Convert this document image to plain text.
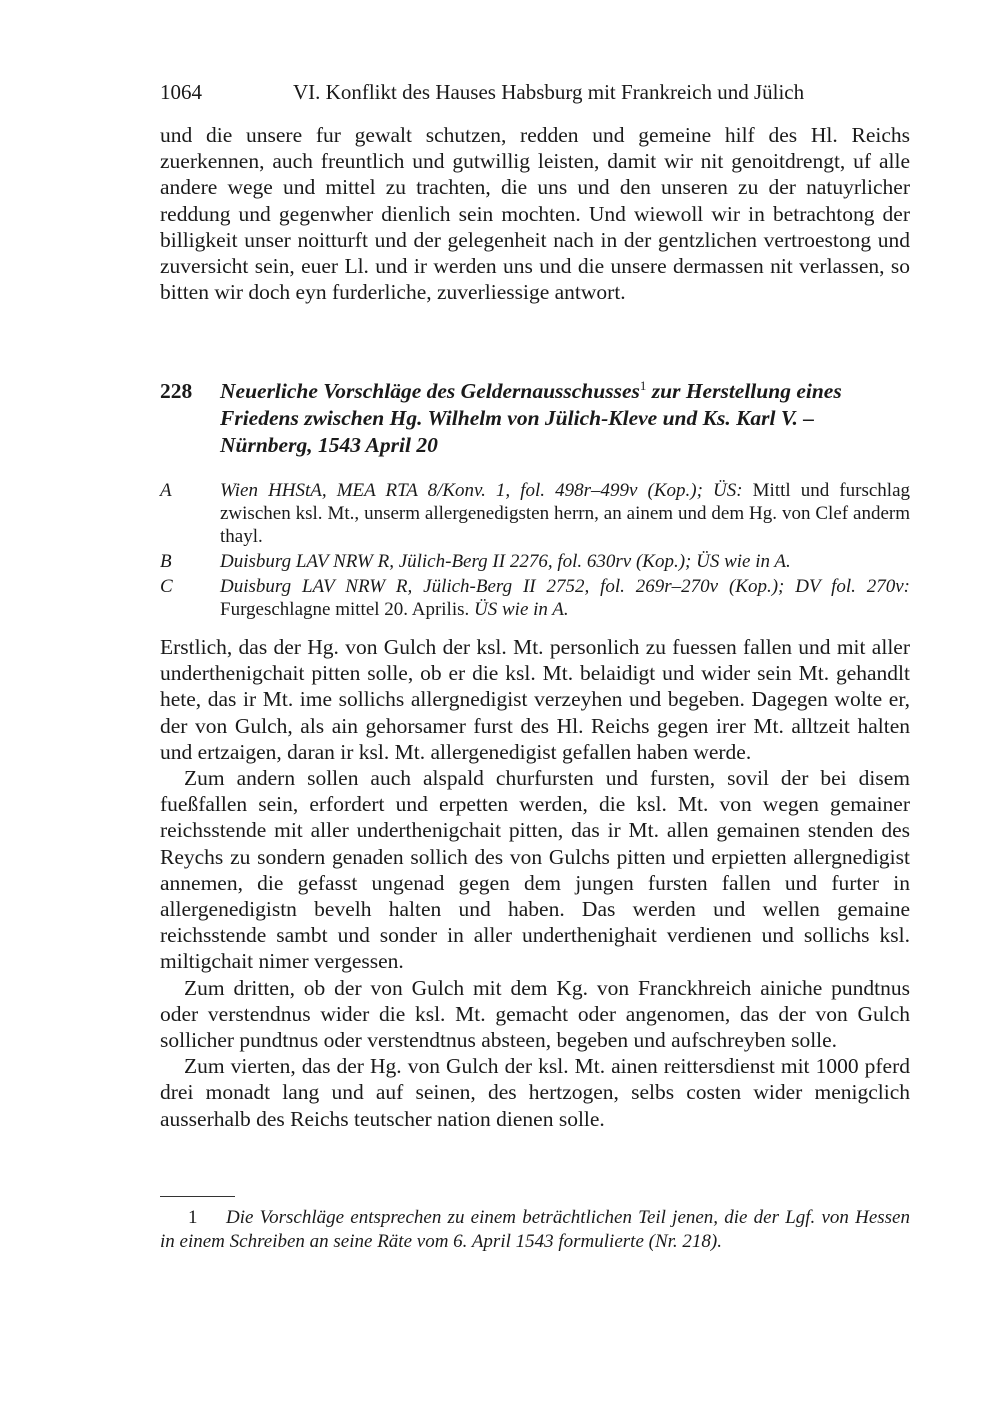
1064	VI. Konflikt des Hauses Habsburg mit Frankreich und Jülich

und die unsere fur gewalt schutzen, redden und gemeine hilf des Hl. Reichs zuerkennen, auch freuntlich und gutwillig leisten, damit wir nit genoitdrengt, uf alle andere wege und mittel zu trachten, die uns und den unseren zu der natuyrlicher reddung und gegenwher dienlich sein mochten. Und wiewoll wir in betrachtong der billigkeit unser noitturft und der gelegenheit nach in der gentzlichen vertroestong und zuversicht sein, euer Ll. und ir werden uns und die unsere dermassen nit verlassen, so bitten wir doch eyn furderliche, zuverliessige antwort.

228 Neuerliche Vorschläge des Geldernausschusses$^1$ zur Herstellung eines Friedens zwischen Hg. Wilhelm von Jülich-Kleve und Ks. Karl V. – Nürnberg, 1543 April 20
A	Wien HHStA, MEA RTA 8/Konv. 1, fol. 498r–499v (Kop.); ÜS: Mittl und furschlag zwischen ksl. Mt., unserm allergenedigsten herrn, an ainem und dem Hg. von Clef anderm thayl.
B	Duisburg LAV NRW R, Jülich-Berg II 2276, fol. 630rv (Kop.); ÜS wie in A.
C Duisburg LAV NRW R, Jülich-Berg II 2752, fol. 269r–270v (Kop.); DV fol. 270v: Furgeschlagne mittel 20. Aprilis. ÜS wie in A.

Erstlich, das der Hg. von Gulch der ksl. Mt. personlich zu fuessen fallen und mit aller underthenigchait pitten solle, ob er die ksl. Mt. belaidigt und wider sein Mt. gehandlt hete, das ir Mt. ime sollichs allergnedigist verzeyhen und begeben. Dagegen wolte er, der von Gulch, als ain gehorsamer furst des Hl. Reichs gegen irer Mt. alltzeit halten und ertzaigen, daran ir ksl. Mt. allergenedigist gefallen haben werde.

Zum andern sollen auch alspald churfursten und fursten, sovil der bei disem fueßfallen sein, erfordert und erpetten werden, die ksl. Mt. von wegen gemainer reichsstende mit aller underthenigchait pitten, das ir Mt. allen gemainen stenden des Reychs zu sondern genaden sollich des von Gulchs pitten und erpietten allergnedigist annemen, die gefasst ungenad gegen dem jungen fursten fallen und furter in allergenedigistn bevelh halten und haben. Das werden und wellen gemaine reichsstende sambt und sonder in aller underthenighait verdienen und sollichs ksl. miltigchait nimer vergessen.

Zum dritten, ob der von Gulch mit dem Kg. von Franckhreich ainiche pundtnus oder verstendnus wider die ksl. Mt. gemacht oder angenomen, das der von Gulch sollicher pundtnus oder verstendtnus absteen, begeben und aufschreyben solle.

Zum vierten, das der Hg. von Gulch der ksl. Mt. ainen reittersdienst mit 1000 pferd drei monadt lang und auf seinen, des hertzogen, selbs costen wider menigclich ausserhalb des Reichs teutscher nation dienen solle.

1 Die Vorschläge entsprechen zu einem beträchtlichen Teil jenen, die der Lgf. von Hessen in einem Schreiben an seine Räte vom 6. April 1543 formulierte (Nr. 218).
